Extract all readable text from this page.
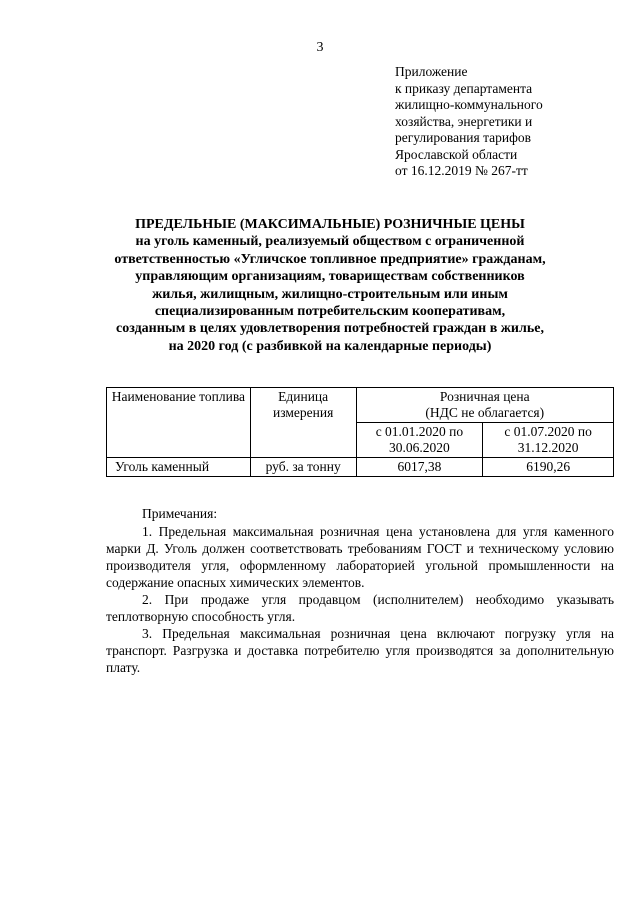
3
Приложение
к приказу департамента
жилищно-коммунального
хозяйства, энергетики и
регулирования тарифов
Ярославской области
от 16.12.2019 № 267-тт
ПРЕДЕЛЬНЫЕ (МАКСИМАЛЬНЫЕ) РОЗНИЧНЫЕ ЦЕНЫ
на уголь каменный, реализуемый обществом с ограниченной
ответственностью «Угличское топливное предприятие» гражданам,
управляющим организациям, товариществам собственников
жилья, жилищным, жилищно-строительным или иным
специализированным потребительским кооперативам,
созданным в целях удовлетворения потребностей граждан в жилье,
на 2020 год (с разбивкой на календарные периоды)
Наименование топлива	Единица измерения	Розничная цена
(НДС не облагается)	

		с 01.01.2020 по 30.06.2020	с 01.07.2020 по 31.12.2020
Уголь каменный	руб. за тонну	6017,38	6190,26

Примечания:

1. Предельная максимальная розничная цена установлена для угля каменного марки Д. Уголь должен соответствовать требованиям ГОСТ и техническому условию производителя угля, оформленному лабораторией угольной промышленности на содержание опасных химических элементов.

2. При продаже угля продавцом (исполнителем) необходимо указывать теплотворную способность угля.

3. Предельная максимальная розничная цена включают погрузку угля на транспорт. Разгрузка и доставка потребителю угля производятся за дополнительную плату.
